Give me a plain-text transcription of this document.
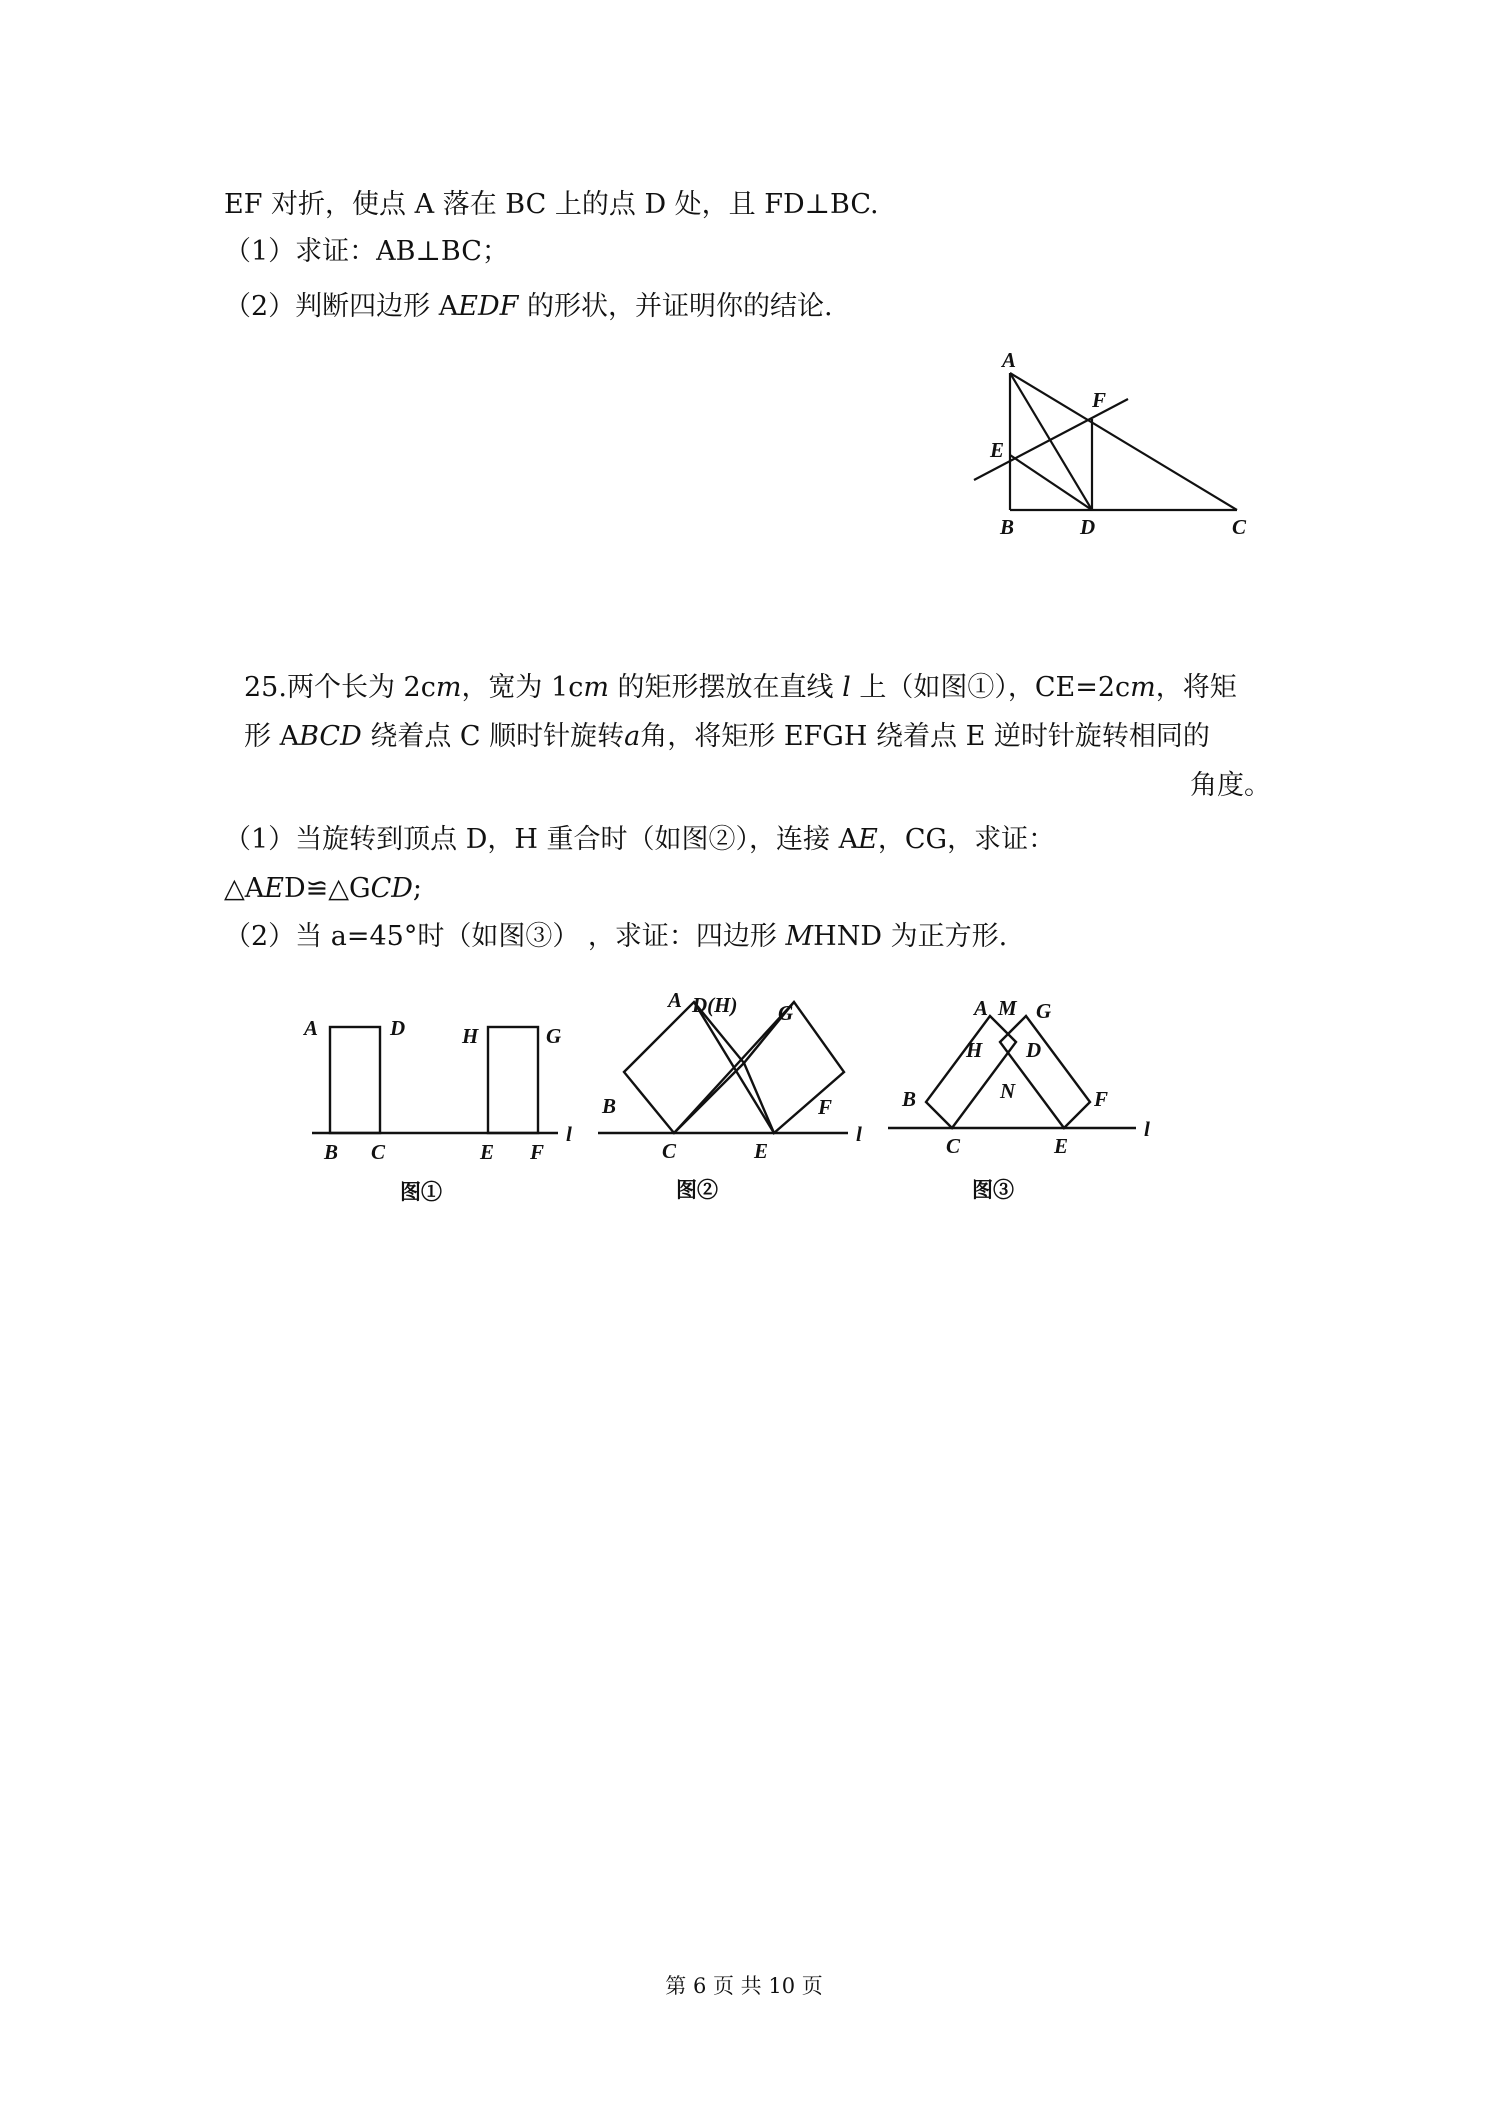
EF 对折，使点 A 落在 BC 上的点 D 处，且 FD⊥BC.
（1）求证：AB⊥BC；
（2）判断四边形 AEDF 的形状，并证明你的结论.
A
F
E
B	D	C
25.两个长为 2cm，宽为 1cm 的矩形摆放在直线 l 上（如图①），CE=2cm，将矩
形 ABCD 绕着点 C 顺时针旋转a角，将矩形 EFGH 绕着点 E 逆时针旋转相同的
角度。
（1）当旋转到顶点 D，H 重合时（如图②），连接 AE，CG，求证：
△AED≌△GCD;
（2）当 a=45°时（如图③） ，求证：四边形 MHND 为正方形.
A	D	H	G
B C	E F
l
图①
A D(H) G
B	F
C	E
l
图②
A M G
H D
B	N	F
C	E
l
图③
第 6 页 共 10 页
